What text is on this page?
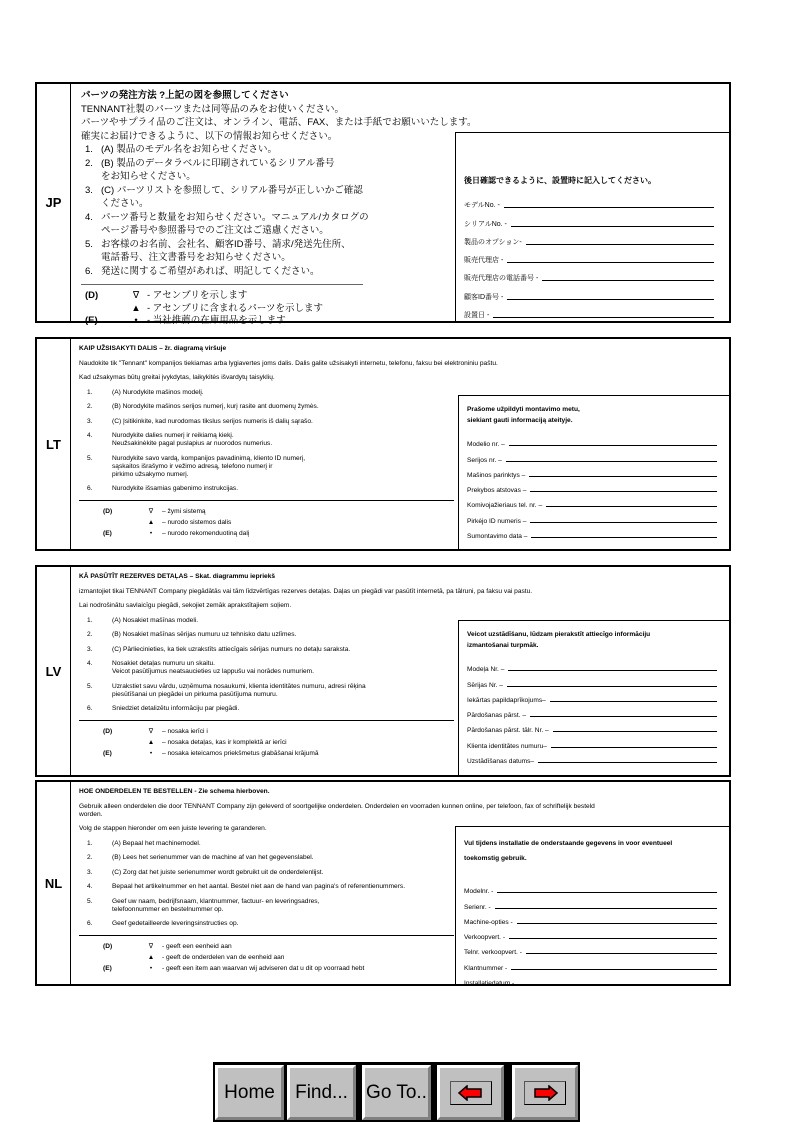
JP
パーツの発注方法 ?上記の図を参照してください
TENNANT社製のパーツまたは同等品のみをお使いください。
パーツやサプライ品のご注文は、オンライン、電話、FAX、または手紙でお願いいたします。
確実にお届けできるように、以下の情報お知らせください。
1. (A) 製品のモデル名をお知らせください。
2. (B) 製品のデータラベルに印刷されているシリアル番号
をお知らせください。
3. (C) パーツリストを参照して、シリアル番号が正しいかご確認
ください。
4. パーツ番号と数量をお知らせください。マニュアル/カタログの
ページ番号や参照番号でのご注文はご遠慮ください。
5. お客様のお名前、会社名、顧客ID番号、請求/発送先住所、
電話番号、注文書番号をお知らせください。
6. 発送に関するご希望があれば、明記してください。
(D)	∇ - アセンブリを示します
▲ - アセンブリに含まれるパーツを示します
(E)	• - 当社推薦の在庫用品を示します
後日確認できるように、設置時に記入してください。
モデルNo. -
シリアルNo. -
製品のオプション-
販売代理店 -
販売代理店の電話番号 -
顧客ID番号 -
設置日 -
LT
KAIP UŽSISAKYTI DALIS – žr. diagramą viršuje
Naudokite tik "Tennant" kompanijos tiekiamas arba lygiavertes joms dalis. Dalis galite užsisakyti internetu, telefonu, faksu bei elektroniniu paštu.
Kad užsakymas būtų greitai įvykdytas, laikykitės išvardytų taisyklių.
1.	(A) Nurodykite mašinos modelį.
2.	(B) Norodykite mašinos serijos numerį, kurį rasite ant duomenų žymės.
3.	(C) Įsitikinkite, kad nurodomas tikslus serijos numeris iš dalių sąrašo.
4.	Nurodykite dalies numerį ir reikiamą kiekį.
Neužsakinėkite pagal puslapius ar nuorodos numerius.
5.	Nurodykite savo vardą, kompanijos pavadinimą, kliento ID numerį,
sąskaitos išrašymo ir vežimo adresą, telefono numerį ir
pirkimo užsakymo numerį.
6.	Nurodykite išsamias gabenimo instrukcijas.
(D)	∇	– žymi sistemą
▲	– nurodo sistemos dalis
(E)	•	– nurodo rekomenduotiną dalį
Prašome užpildyti montavimo metu,
siekiant gauti informaciją ateityje.
Modelio nr. –
Serijos nr. –
Mašinos parinktys –
Prekybos atstovas –
Komivojažieriaus tel. nr. –
Pirkėjo ID numeris –
Sumontavimo data –
LV
KĀ PASŪTĪT REZERVES DETAĻAS – Skat. diagrammu iepriekš
izmantojiet tikai TENNANT Company piegādātās vai tām līdzvērtīgas rezerves detaļas. Daļas un piegādi var pasūtīt internetā, pa tālruni, pa faksu vai pastu.
Lai nodrošinātu savlaicīgu piegādi, sekojiet zemāk aprakstītajiem soļiem.
1.	(A) Nosakiet mašīnas modeli.
2.	(B) Nosakiet mašīnas sērijas numuru uz tehnisko datu uzlīmes.
3.	(C) Pārliecinieties, ka tiek uzrakstīts attiecīgais sērijas numurs no detaļu saraksta.
4.	Nosakiet detaļas numuru un skaitu.
Veicot pasūtījumus neatsaucieties uz lappušu vai norādes numuriem.
5.	Uzrakstiet savu vārdu, uzņēmuma nosaukumi, klienta identitātes numuru, adresi rēķina
piesūtīšanai un piegādei un pirkuma pasūtījuma numuru.
6.	Sniedziet detalizētu informāciju par piegādi.
(D)	∇	– nosaka ierīci i
▲	– nosaka detaļas, kas ir komplektā ar ierīci
(E)	•	– nosaka ieteicamos priekšmetus glabāšanai krājumā
Veicot uzstādīšanu, lūdzam pierakstīt attiecīgo informāciju
izmantošanai turpmāk.
Modeļa Nr. –
Sērijas Nr. –
Iekārtas papildaprīkojums–
Pārdošanas pārst. –
Pārdošanas pārst. tālr. Nr. –
Klienta identitātes numuru–
Uzstādīšanas datums–
NL
HOE ONDERDELEN TE BESTELLEN - Zie schema hierboven.
Gebruik alleen onderdelen die door TENNANT Company zijn geleverd of soortgelijke onderdelen. Onderdelen en voorraden kunnen online, per telefoon, fax of schriftelijk besteld
worden.
Volg de stappen hieronder om een juiste levering te garanderen.
1.	(A) Bepaal het machinemodel.
2.	(B) Lees het serienummer van de machine af van het gegevenslabel.
3.	(C) Zorg dat het juiste serienummer wordt gebruikt uit de onderdelenlijst.
4.	Bepaal het artikelnummer en het aantal. Bestel niet aan de hand van pagina's of referentienummers.
5.	Geef uw naam, bedrijfsnaam, klantnummer, factuur- en leveringsadres,
telefoonnummer en bestelnummer op.
6.	Geef gedetailleerde leveringsinstructies op.
(D)	∇	- geeft een eenheid aan
▲	- geeft de onderdelen van de eenheid aan
(E)	•	- geeft een item aan waarvan wij adviseren dat u dit op voorraad hebt
Vul tijdens installatie de onderstaande gegevens in voor eventueel
toekomstig gebruik.
Modelnr. -
Serienr. -
Machine-opties -
Verkoopvert. -
Telnr. verkoopvert. -
Klantnummer -
Installatiedatum -
Home	Find... Go To..
